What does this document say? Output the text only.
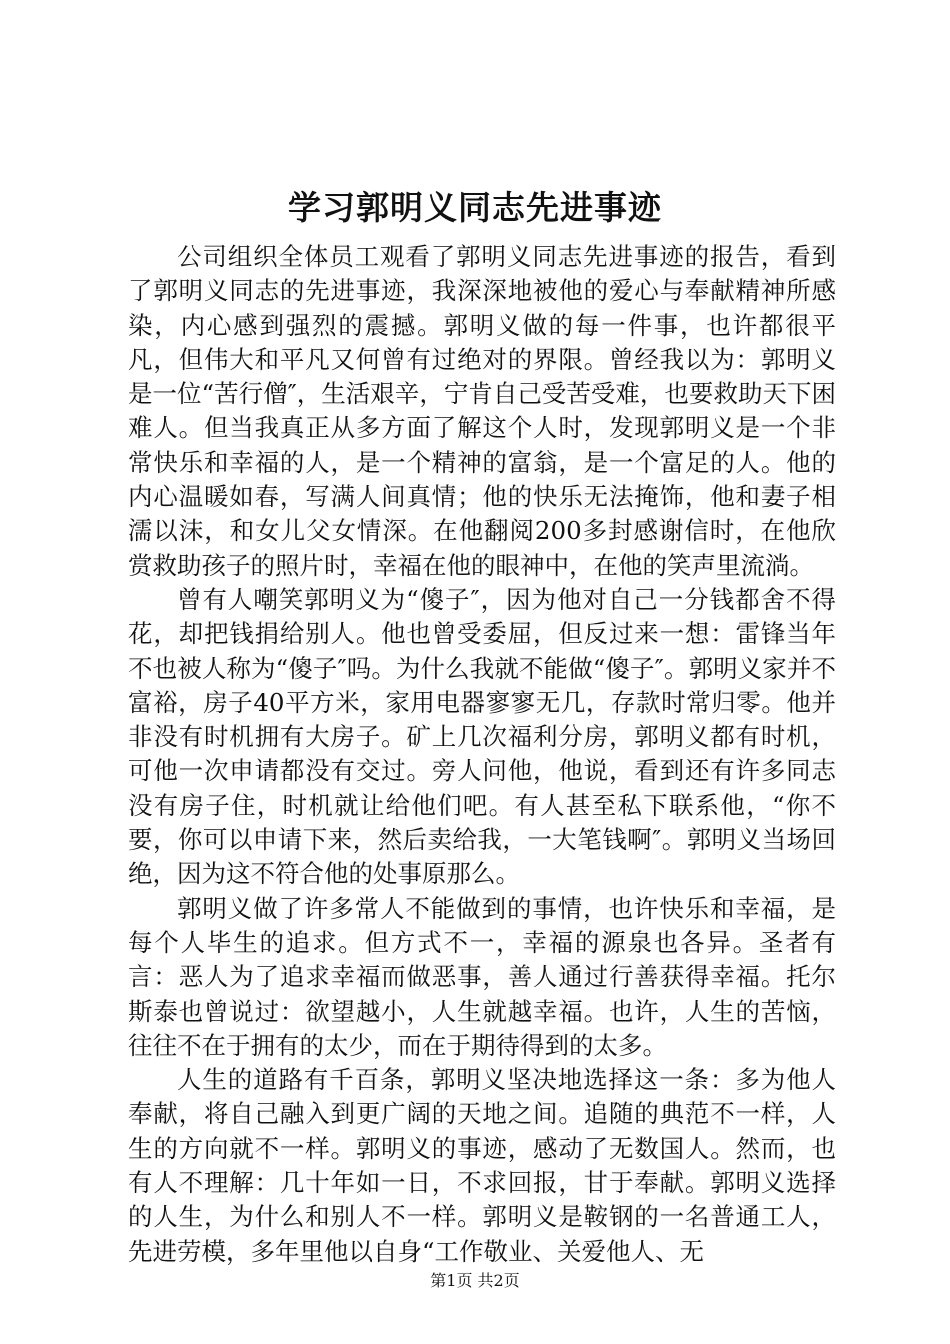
学习郭明义同志先进事迹

公司组织全体员工观看了郭明义同志先进事迹的报告，看到了郭明义同志的先进事迹，我深深地被他的爱心与奉献精神所感染，内心感到强烈的震撼。郭明义做的每一件事，也许都很平凡，但伟大和平凡又何曾有过绝对的界限。曾经我以为：郭明义是一位“苦行僧″，生活艰辛，宁肯自己受苦受难，也要救助天下困难人。但当我真正从多方面了解这个人时，发现郭明义是一个非常快乐和幸福的人，是一个精神的富翁，是一个富足的人。他的内心温暖如春，写满人间真情；他的快乐无法掩饰，他和妻子相濡以沫，和女儿父女情深。在他翻阅200多封感谢信时，在他欣赏救助孩子的照片时，幸福在他的眼神中，在他的笑声里流淌。

曾有人嘲笑郭明义为“傻子″，因为他对自己一分钱都舍不得花，却把钱捐给别人。他也曾受委屈，但反过来一想：雷锋当年不也被人称为“傻子″吗。为什么我就不能做“傻子″。郭明义家并不富裕，房子40平方米，家用电器寥寥无几，存款时常归零。他并非没有时机拥有大房子。矿上几次福利分房，郭明义都有时机，可他一次申请都没有交过。旁人问他，他说，看到还有许多同志没有房子住，时机就让给他们吧。有人甚至私下联系他，“你不要，你可以申请下来，然后卖给我，一大笔钱啊″。郭明义当场回绝，因为这不符合他的处事原那么。

郭明义做了许多常人不能做到的事情，也许快乐和幸福，是每个人毕生的追求。但方式不一，幸福的源泉也各异。圣者有言：恶人为了追求幸福而做恶事，善人通过行善获得幸福。托尔斯泰也曾说过：欲望越小，人生就越幸福。也许，人生的苦恼，往往不在于拥有的太少，而在于期待得到的太多。

人生的道路有千百条，郭明义坚决地选择这一条：多为他人奉献，将自己融入到更广阔的天地之间。追随的典范不一样，人生的方向就不一样。郭明义的事迹，感动了无数国人。然而，也有人不理解：几十年如一日，不求回报，甘于奉献。郭明义选择的人生，为什么和别人不一样。郭明义是鞍钢的一名普通工人，先进劳模，多年里他以自身“工作敬业、关爱他人、无

第1页 共2页
